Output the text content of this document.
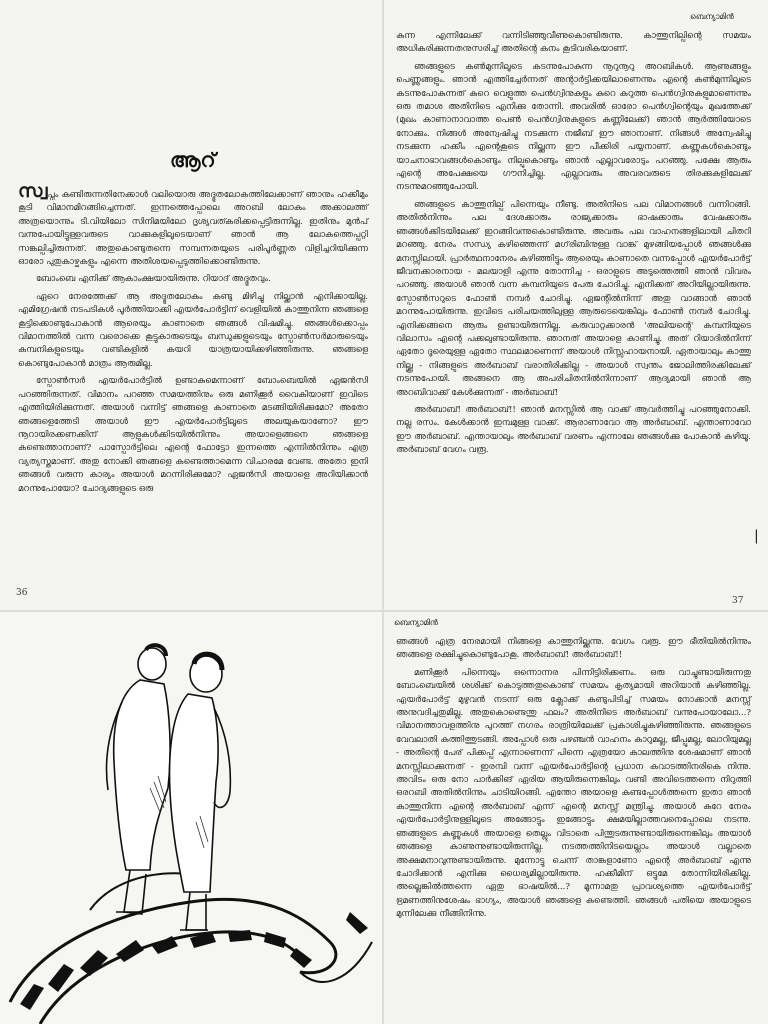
ആറ്

സ്വപ്നം കണ്ടിരുന്നതിനേക്കാൾ വലിയൊരു അദ്ഭുതലോകത്തിലേക്കാണ് ഞാനും ഹക്കീമും കൂടി വിമാനമിറങ്ങിച്ചെന്നത്. ഇന്നത്തെപ്പോലെ അറബി ലോകം അക്കാലത്ത് അത്രയൊന്നും ടി.വിയിലോ സിനിമയിലോ ദൃശ്യവത്കരിക്കപ്പെട്ടിരുന്നില്ല. ഇതിനും മുൻപ് വന്നുപോയിട്ടുള്ളവരുടെ വാക്കുകളിലൂടെയാണ് ഞാൻ ആ ലോകത്തെപ്പറ്റി സങ്കല്പിച്ചിരുന്നത്. അതുകൊണ്ടുതന്നെ സമ്പന്നതയുടെ പരിപൂർണ്ണത വിളിച്ചറിയിക്കുന്ന ഓരോ പുതുകാഴ്ചകളും എന്നെ അതിശയപ്പെടുത്തിക്കൊണ്ടിരുന്നു.

ബോംബെ എനിക്ക് ആകാംക്ഷയായിരുന്നു. റിയാദ് അദ്ഭുതവും.

ഏറെ നേരത്തേക്ക് ആ അദ്ഭുതലോകം കണ്ടു മിഴിച്ചു നില്ക്കാൻ എനിക്കായില്ല. എമിഗ്രേഷൻ നടപടികൾ പൂർത്തിയാക്കി എയർപോർട്ടിന് വെളിയിൽ കാത്തുനിന്ന ഞങ്ങളെ കൂട്ടിക്കൊണ്ടുപോകാൻ ആരെയും കാണാതെ ഞങ്ങൾ വിഷമിച്ചു. ഞങ്ങൾക്കൊപ്പം വിമാനത്തിൽ വന്ന വരൊക്കെ കൂട്ടുകാരുടെയും ബന്ധുക്കളുടെയും സ്പോൺസർമാരുടെയും കമ്പനികളുടെയും വണ്ടികളിൽ കയറി യാത്രയായിക്കഴിഞ്ഞിരുന്നു. ഞങ്ങളെ കൊണ്ടുപോകാൻ മാത്രം ആരുമില്ല.

സ്പോൺസർ എയർപോർട്ടിൽ ഉണ്ടാകുമെന്നാണ് ബോംബെയിൽ ഏജൻസി പറഞ്ഞിരുന്നത്. വിമാനം പറഞ്ഞ സമയത്തിനും ഒരു മണിക്കൂർ വൈകിയാണ് ഇവിടെ എത്തിയിരിക്കുന്നത്. അയാൾ വന്നിട്ട് ഞങ്ങളെ കാണാതെ മടങ്ങിയിരിക്കുമോ? അതോ ഞങ്ങളെത്തേടി അയാൾ ഈ എയർപോർട്ടിലൂടെ അലയുകയാണോ? ഈ നൂറായിരക്കണക്കിന് ആളുകൾക്കിടയിൽനിന്നും അയാളെങ്ങനെ ഞങ്ങളെ കണ്ടെത്താനാണ്? പാസ്പോർട്ടിലെ എന്റെ ഫോട്ടോ ഇന്നത്തെ എന്നിൽനിന്നും എത്ര വ്യത്യസ്തമാണ്. അതു നോക്കി ഞങ്ങളെ കണ്ടെത്താമെന്ന വിചാരമേ വേണ്ട. അതോ ഇനി ഞങ്ങൾ വരുന്ന കാര്യം അയാൾ മറന്നിരിക്കുമോ? ഏജൻസി അയാളെ അറിയിക്കാൻ മറന്നുപോയോ? ചോദ്യങ്ങളുടെ ഒരു

36
ബെന്യാമിൻ

കുന്ന എന്നിലേക്ക് വന്നിടിഞ്ഞുവീണുകൊണ്ടിരുന്നു. കാത്തുനില്പിന്റെ സമയം അധികരിക്കുന്നതനുസരിച്ച് അതിന്റെ കനം കൂടിവരികയാണ്.

ഞങ്ങളുടെ കൺമുന്നിലൂടെ കടന്നുപോകുന്ന നൂറുനൂറു അറബികൾ. ആണുങ്ങളും പെണ്ണുങ്ങളും. ഞാൻ എത്തിച്ചേർന്നത് അന്റാർട്ടിക്കയിലാണെന്നും എന്റെ കൺമുന്നിലൂടെ കടന്നുപോകുന്നത് കുറെ വെളുത്ത പെൻഗ്വിനുകളും കുറെ കറുത്ത പെൻഗ്വിനുകളുമാണെന്നും ഒരു തമാശ അതിനിടെ എനിക്കു തോന്നി. അവരിൽ ഓരോ പെൻഗ്വിന്റെയും മുഖത്തേക്ക് (മുഖം കാണാനാവാത്ത പെൺ പെൻഗ്വിനുകളുടെ കണ്ണിലേക്ക്) ഞാൻ ആർത്തിയോടെ നോക്കും. നിങ്ങൾ അന്വേഷിച്ചു നടക്കുന്ന നജീബ് ഈ ഞാനാണ്. നിങ്ങൾ അന്വേഷിച്ചു നടക്കുന്ന ഹക്കീം എന്റെകൂടെ നില്ക്കുന്ന ഈ പീക്കിരി പയ്യനാണ്. കണ്ണുകൾകൊണ്ടും യാചനാഭാവങ്ങൾകൊണ്ടും നില്പുകൊണ്ടും ഞാൻ എല്ലാവരോടും പറഞ്ഞു. പക്ഷേ ആരും എന്റെ അപേക്ഷയെ ഗൗനിച്ചില്ല. എല്ലാവരും അവരവരുടെ തിരക്കുകളിലേക്ക് നടന്നുമറഞ്ഞുപോയി.

ഞങ്ങളുടെ കാത്തുനില്പ് പിന്നെയും നീണ്ടു. അതിനിടെ പല വിമാനങ്ങൾ വന്നിറങ്ങി. അതിൽനിന്നും പല ദേശക്കാരും രാജ്യക്കാരും ഭാഷക്കാരും വേഷക്കാരും ഞങ്ങൾക്കിടയിലേക്ക് ഇറങ്ങിവന്നുകൊണ്ടിരുന്നു. അവരും പല വാഹനങ്ങളിലായി ചിതറി മറഞ്ഞു. നേരം സന്ധ്യ കഴിഞ്ഞെന്ന് മഗ്‌രിബിനുള്ള വാങ്ക് മുഴങ്ങിയപ്പോൾ ഞങ്ങൾക്കു മനസ്സിലായി. പ്രാർത്ഥനാനേരം കഴിഞ്ഞിട്ടും ആരെയും കാണാതെ വന്നപ്പോൾ എയർപോർട്ട് ജീവനക്കാരനായ - മലയാളി എന്നു തോന്നിച്ച - ഒരാളുടെ അടുത്തെത്തി ഞാൻ വിവരം പറഞ്ഞു. അയാൾ ഞാൻ വന്ന കമ്പനിയുടെ പേരു ചോദിച്ചു. എനിക്കത് അറിയില്ലായിരുന്നു. സ്പോൺസറുടെ ഫോൺ നമ്പർ ചോദിച്ചു. ഏജന്റിൽനിന്ന് അതു വാങ്ങാൻ ഞാൻ മറന്നുപോയിരുന്നു. ഇവിടെ പരിചയത്തിലുള്ള ആരുടെയെങ്കിലും ഫോൺ നമ്പർ ചോദിച്ചു. എനിക്കങ്ങനെ ആരും ഉണ്ടായിരുന്നില്ല. കരുവാറ്റക്കാരൻ 'അലിയന്റെ' കമ്പനിയുടെ വിലാസം എന്റെ പക്കലുണ്ടായിരുന്നു. ഞാനത് അയാളെ കാണിച്ചു. അത് റിയാദിൽനിന്ന് ഏതോ ദൂരെയുള്ള ഏതോ സ്ഥലമാണെന്ന് അയാൾ നിസ്സഹായനായി. ഏതായാലും കാത്തു നില്ക്കൂ - നിങ്ങളുടെ അർബാബ് വരാതിരിക്കില്ല - അയാൾ സ്വന്തം ജോലിത്തിരക്കിലേക്ക് നടന്നുപോയി. അങ്ങനെ ആ അപരിചിതനിൽനിന്നാണ് ആദ്യമായി ഞാൻ ആ അറബിവാക്ക് കേൾക്കുന്നത് - അർബാബ്!

അർബാബ്! അർബാബ്!! ഞാൻ മനസ്സിൽ ആ വാക്ക് ആവർത്തിച്ചു പറഞ്ഞുനോക്കി. നല്ല രസം. കേൾക്കാൻ ഇമ്പമുള്ള വാക്ക്. ആരാണാവോ ആ അർബാബ്. എന്താണാവോ ഈ അർബാബ്. എന്തായാലും അർബാബ് വരണം എന്നാലേ ഞങ്ങൾക്കു പോകാൻ കഴിയൂ. അർബാബ് വേഗം വരൂ.

|
37
ബെന്യാമിൻ

ഞങ്ങൾ എത്ര നേരമായി നിങ്ങളെ കാത്തുനില്ക്കുന്നു. വേഗം വരൂ. ഈ ഭീതിയിൽനിന്നും ഞങ്ങളെ രക്ഷിച്ചുകൊണ്ടുപോകൂ. അർബാബ്! അർബാബ്!!

മണിക്കൂർ പിന്നെയും ഒന്നൊന്നര പിന്നിട്ടിരിക്കണം. ഒരു വാച്ചുണ്ടായിരുന്നതു ബോംബെയിൽ ശശിക്ക് കൊടുത്തതുകൊണ്ട് സമയം കൃത്യമായി അറിയാൻ കഴിഞ്ഞില്ല. എയർപോർട്ട് മുഴുവൻ നടന്ന് ഒരു ക്ലോക്ക് കണ്ടുപിടിച്ച് സമയം നോക്കാൻ മനസ്സ് അനുവദിച്ചതുമില്ല. അതുകൊണ്ടെന്തു ഫലം? അതിനിടെ അർബാബ് വന്നുപോയാലോ...? വിമാനത്താവളത്തിനു പുറത്ത് നഗരം രാത്രിയിലേക്ക് പ്രകാശിച്ചുകഴിഞ്ഞിരുന്നു. ഞങ്ങളുടെ വേവലാതി കത്തിത്തുടങ്ങി. അപ്പോൾ ഒരു പഴഞ്ചൻ വാഹനം കാറുമല്ല, ജീപ്പുമല്ല, ലോറിയുമല്ല - അതിന്റെ പേര് പിക്കപ്പ് എന്നാണെന്ന് പിന്നെ എത്രയോ കാലത്തിനു ശേഷമാണ് ഞാൻ മനസ്സിലാക്കുന്നത് - ഇരമ്പി വന്ന് എയർപോർട്ടിന്റെ പ്രധാന കവാടത്തിനരികെ നിന്നു. അവിടം ഒരു നോ പാർക്കിങ് ഏരിയ ആയിരുന്നെങ്കിലും വണ്ടി അവിടെത്തന്നെ നിറുത്തി ഒരറബി അതിൽനിന്നും ചാടിയിറങ്ങി. എന്തോ അയാളെ കണ്ടപ്പോൾത്തന്നെ ഇതാ ഞാൻ കാത്തുനിന്ന എന്റെ അർബാബ് എന്ന് എന്റെ മനസ്സ് മന്ത്രിച്ചു. അയാൾ കുറേ നേരം എയർപോർട്ടിനുള്ളിലൂടെ അങ്ങോട്ടും ഇങ്ങോട്ടും ക്ഷമയില്ലാത്തവനെപ്പോലെ നടന്നു. ഞങ്ങളുടെ കണ്ണുകൾ അയാളെ തെല്ലും വിടാതെ പിന്തുടരുന്നുണ്ടായിരുന്നെങ്കിലും അയാൾ ഞങ്ങളെ കാണുന്നുണ്ടായിരുന്നില്ല. നടത്തത്തിനിടയെല്ലാം അയാൾ വല്ലാതെ അക്ഷമനാവുന്നുണ്ടായിരുന്നു. മുന്നോട്ടു ചെന്ന് താങ്കളാണോ എന്റെ അർബാബ് എന്നു ചോദിക്കാൻ എനിക്കു ധൈര്യമില്ലായിരുന്നു. ഹക്കീമിന് ഒട്ടുമേ തോന്നിയിരിക്കില്ല. അല്ലെങ്കിൽത്തന്നെ ഏതു ഭാഷയിൽ...? മൂന്നാമതു പ്രാവശ്യത്തെ എയർപോർട്ട് ഭ്രമണത്തിനുശേഷം ഭാഗ്യം, അയാൾ ഞങ്ങളെ കണ്ടെത്തി. ഞങ്ങൾ പതിയെ അയാളുടെ മുന്നിലേക്കു നീങ്ങിനിന്നു.
